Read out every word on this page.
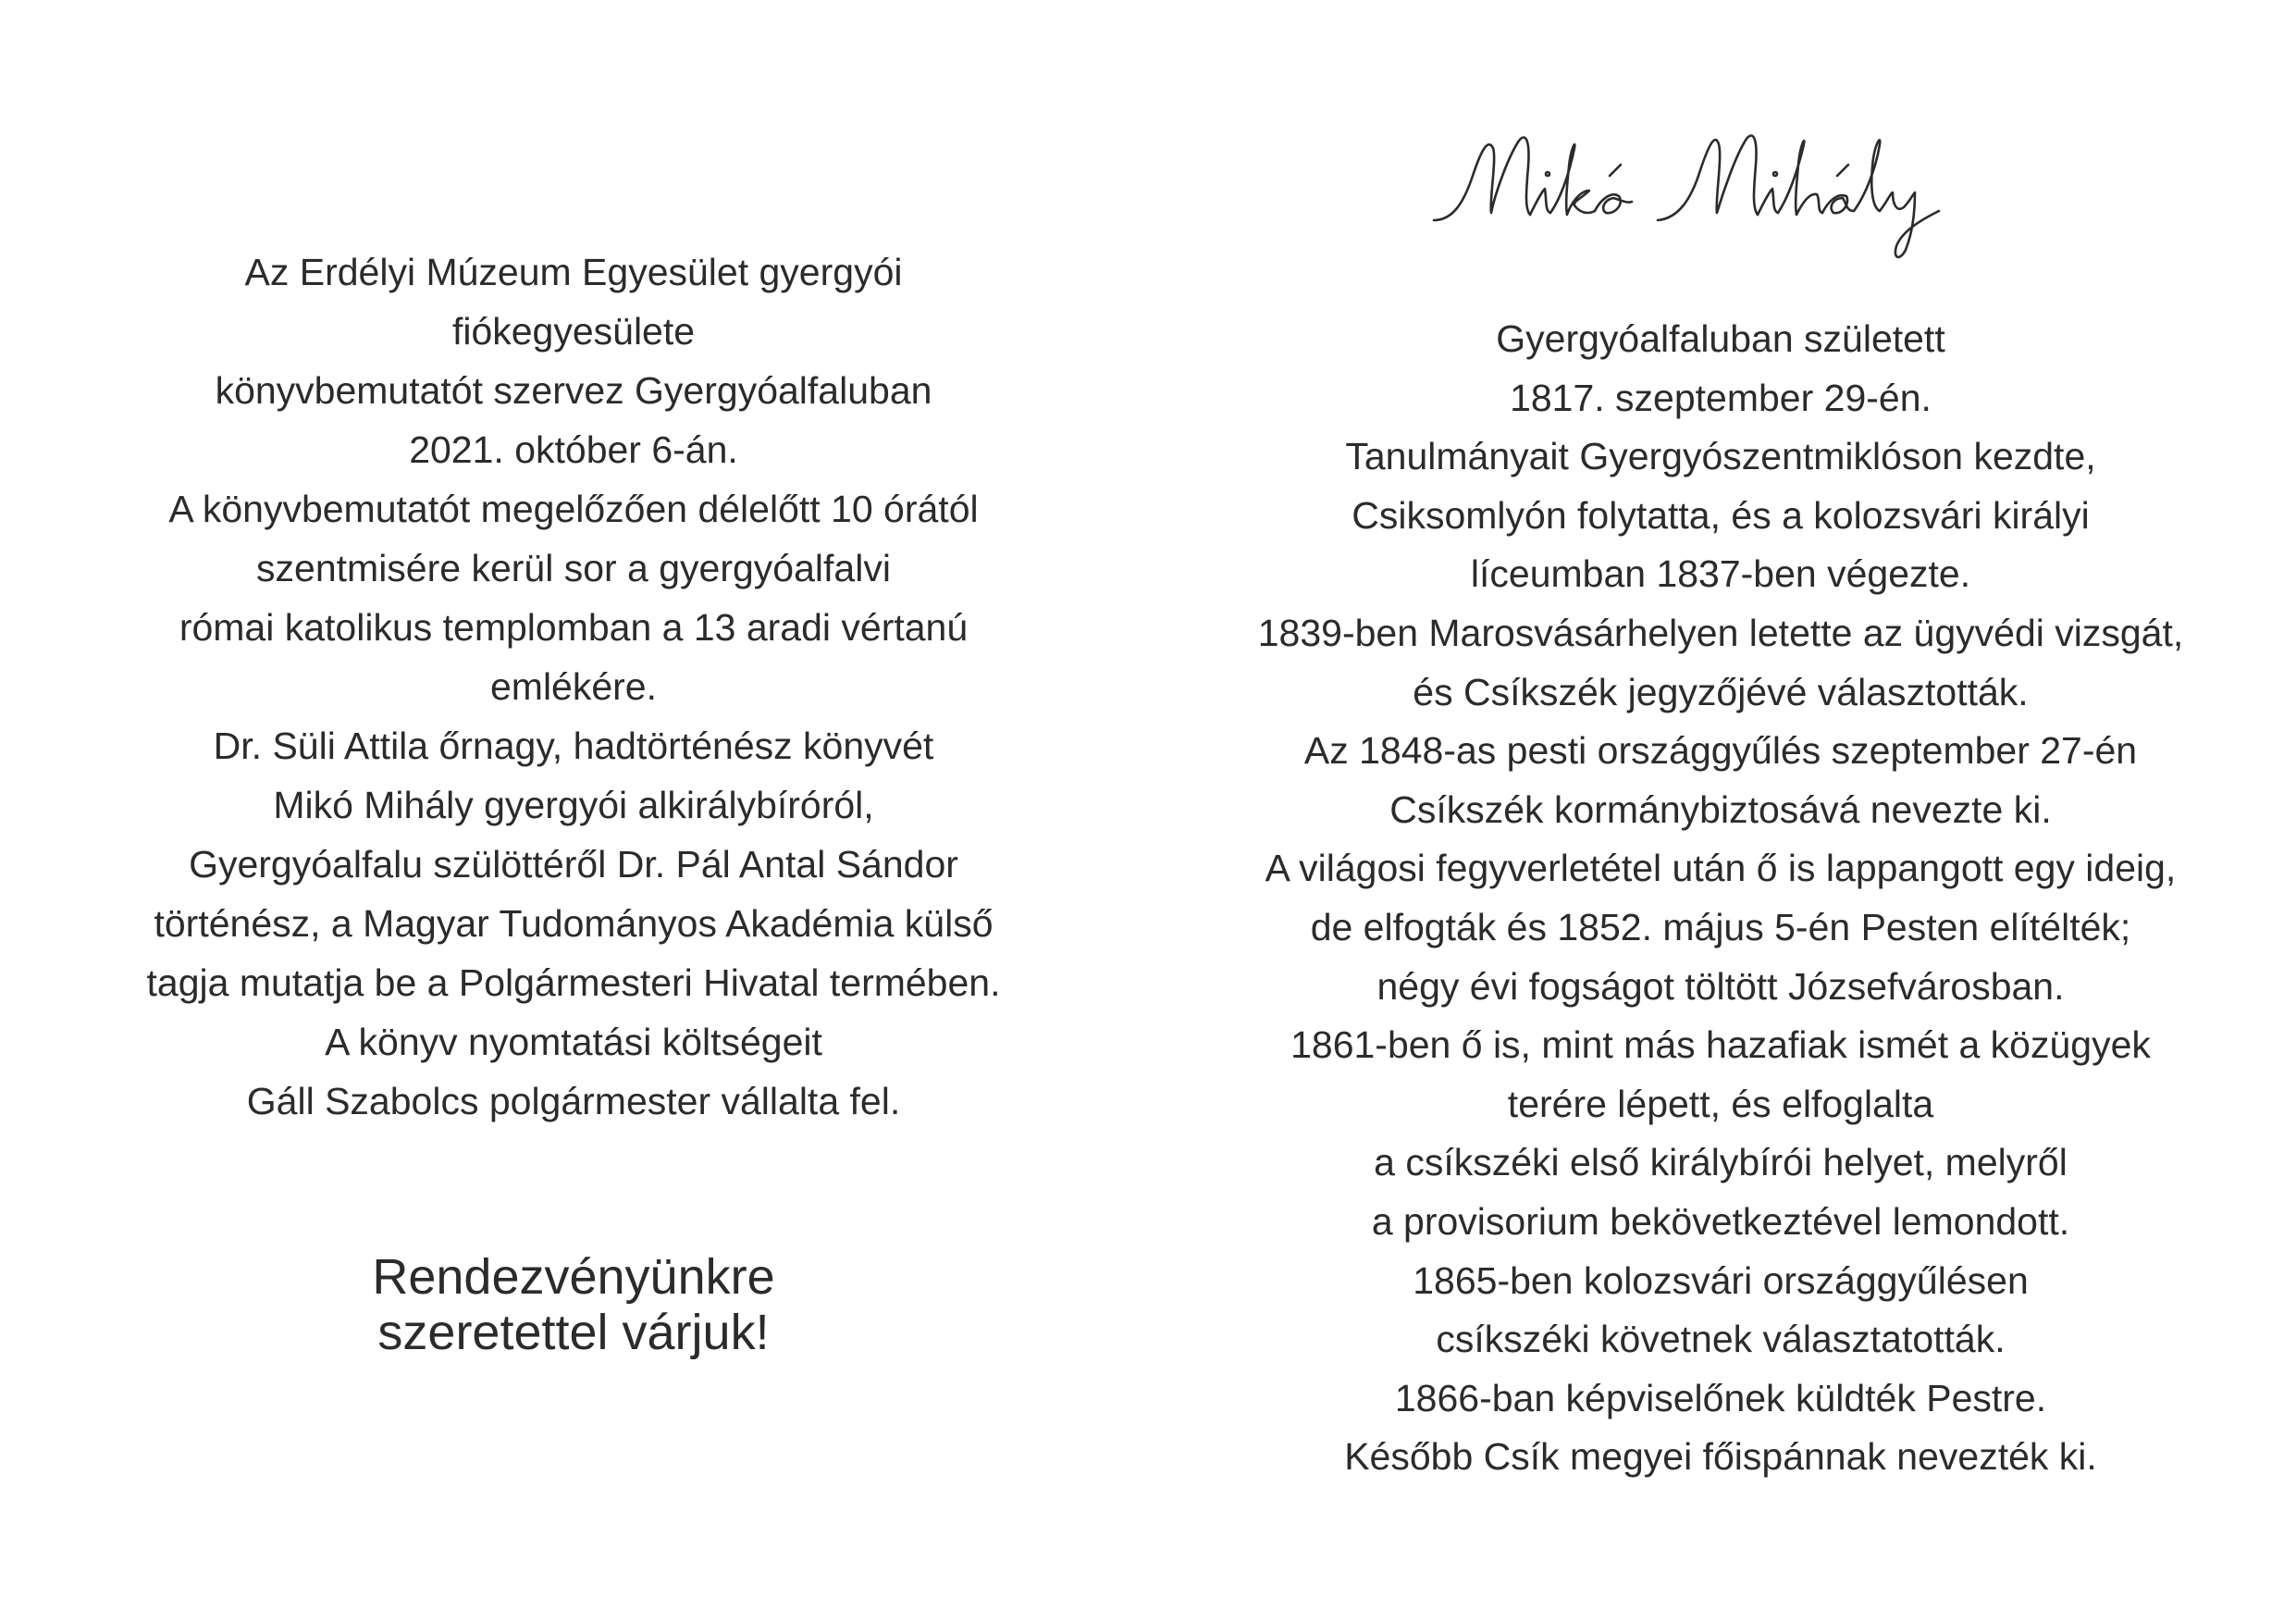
Az Erdélyi Múzeum Egyesület gyergyói
fiókegyesülete
könyvbemutatót szervez Gyergyóalfaluban
2021. október 6-án.
A könyvbemutatót megelőzően délelőtt 10 órától
szentmisére kerül sor a gyergyóalfalvi
római katolikus templomban a 13 aradi vértanú
emlékére.
Dr. Süli Attila őrnagy, hadtörténész könyvét
Mikó Mihály gyergyói alkirálybíróról,
Gyergyóalfalu szülöttéről Dr. Pál Antal Sándor
történész, a Magyar Tudományos Akadémia külső
tagja mutatja be a Polgármesteri Hivatal termében.
A könyv nyomtatási költségeit
Gáll Szabolcs polgármester vállalta fel.
Rendezvényünkre
szeretettel várjuk!
Gyergyóalfaluban született
1817. szeptember 29-én.
Tanulmányait Gyergyószentmiklóson kezdte,
Csiksomlyón folytatta, és a kolozsvári királyi
líceumban 1837-ben végezte.
1839-ben Marosvásárhelyen letette az ügyvédi vizsgát,
és Csíkszék jegyzőjévé választották.
Az 1848-as pesti országgyűlés szeptember 27-én
Csíkszék kormánybiztosává nevezte ki.
A világosi fegyverletétel után ő is lappangott egy ideig,
de elfogták és 1852. május 5-én Pesten elítélték;
négy évi fogságot töltött Józsefvárosban.
1861-ben ő is, mint más hazafiak ismét a közügyek
terére lépett, és elfoglalta
a csíkszéki első királybírói helyet, melyről
a provisorium bekövetkeztével lemondott.
1865-ben kolozsvári országgyűlésen
csíkszéki követnek választatották.
1866-ban képviselőnek küldték Pestre.
Később Csík megyei főispánnak nevezték ki.
